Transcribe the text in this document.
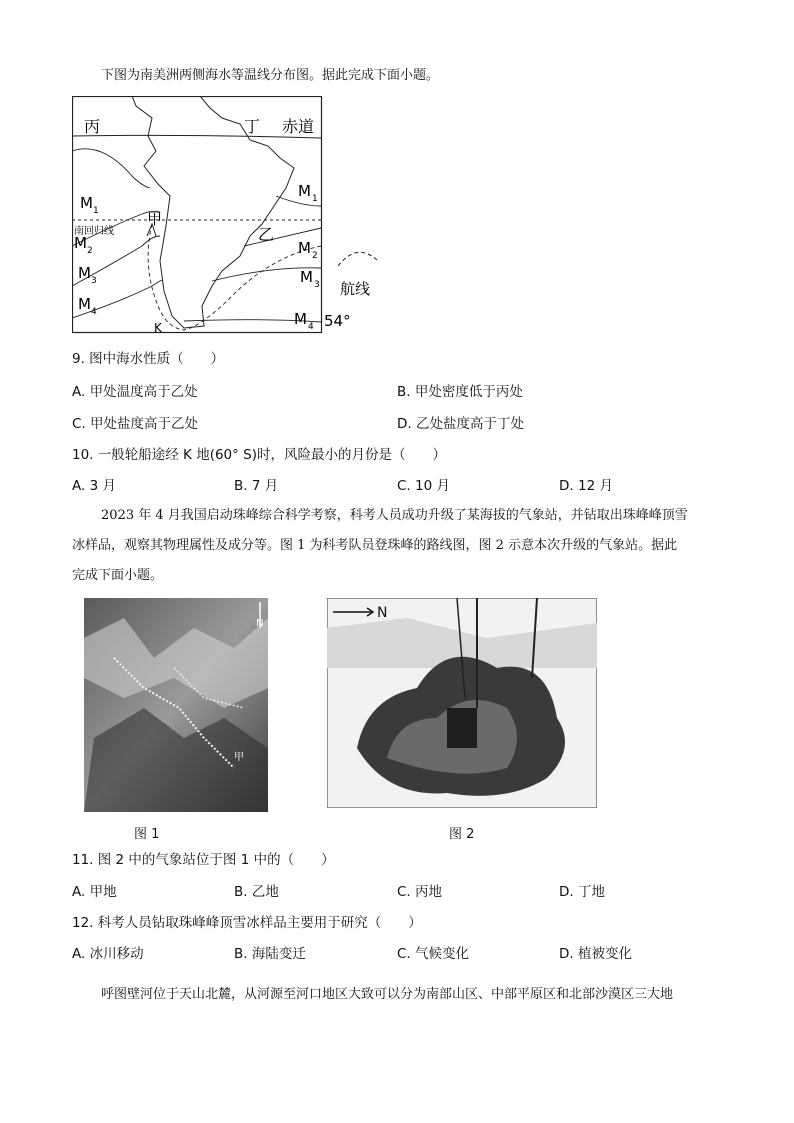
下图为南美洲两侧海水等温线分布图。据此完成下面小题。
丙	丁 赤道
M 1
M 1
甲
南回归线
M 2
乙
M 2
M 3	M 3 航线
M 4	M 4 54°
K
9. 图中海水性质（　　）
A. 甲处温度高于乙处	B. 甲处密度低于丙处
C. 甲处盐度高于乙处	D. 乙处盐度高于丁处
10. 一般轮船途经 K 地(60° S)时，风险最小的月份是（　　）
A. 3 月	B. 7 月	C. 10 月	D. 12 月
2023 年 4 月我国启动珠峰综合科学考察，科考人员成功升级了某海拔的气象站，并钻取出珠峰峰顶雪
冰样品，观察其物理属性及成分等。图 1 为科考队员登珠峰的路线图，图 2 示意本次升级的气象站。据此
完成下面小题。
N
甲
图 1
N
图 2
11. 图 2 中的气象站位于图 1 中的（　　）
A. 甲地	B. 乙地	C. 丙地	D. 丁地
12. 科考人员钻取珠峰峰顶雪冰样品主要用于研究（　　）
A. 冰川移动	B. 海陆变迁	C. 气候变化	D. 植被变化
呼图壁河位于天山北麓，从河源至河口地区大致可以分为南部山区、中部平原区和北部沙漠区三大地
